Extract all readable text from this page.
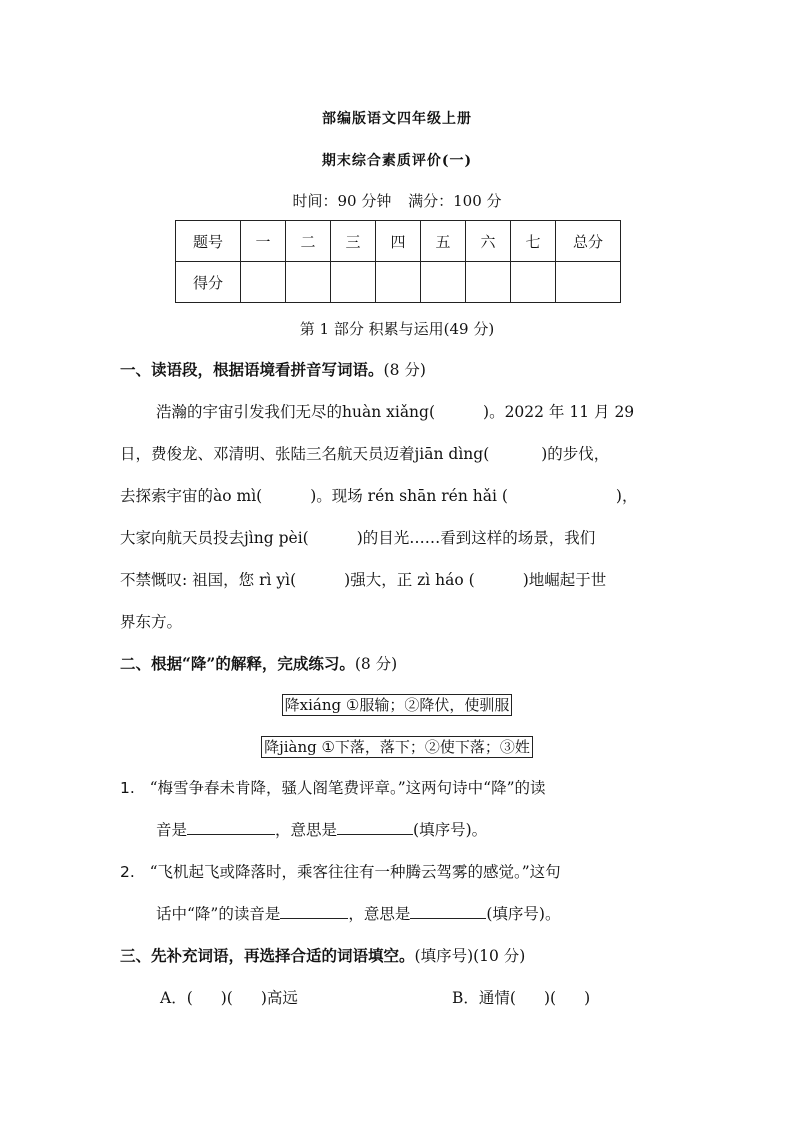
部编版语文四年级上册
期末综合素质评价(一)
时间：90 分钟 满分：100 分
题号	一	二	三	四	五	六	七	总分
得分								
第 1 部分 积累与运用(49 分)
一、读语段，根据语境看拼音写词语。(8 分)
浩瀚的宇宙引发我们无尽的huàn xiǎng(	)。2022 年 11 月 29
日，费俊龙、邓清明、张陆三名航天员迈着jiān dìng(	)的步伐，
去探索宇宙的ào mì(	)。现场 rén shān rén hǎi (	)，
大家向航天员投去jìng pèi(	)的目光……看到这样的场景，我们
不禁慨叹: 祖国，您 rì yì(	)强大，正 zì háo (	)地崛起于世
界东方。
二、根据“降”的解释，完成练习。(8 分)
降xiáng ①服输；②降伏，使驯服
降jiàng ①下落，落下；②使下落；③姓
1. “梅雪争春未肯降，骚人阁笔费评章。”这两句诗中“降”的读
音是	，意思是	(填序号)。
2. “飞机起飞或降落时，乘客往往有一种腾云驾雾的感觉。”这句
话中“降”的读音是	，意思是	(填序号)。
三、先补充词语，再选择合适的词语填空。(填序号)(10 分)
A．( )( )高远	B．通情( )( )
